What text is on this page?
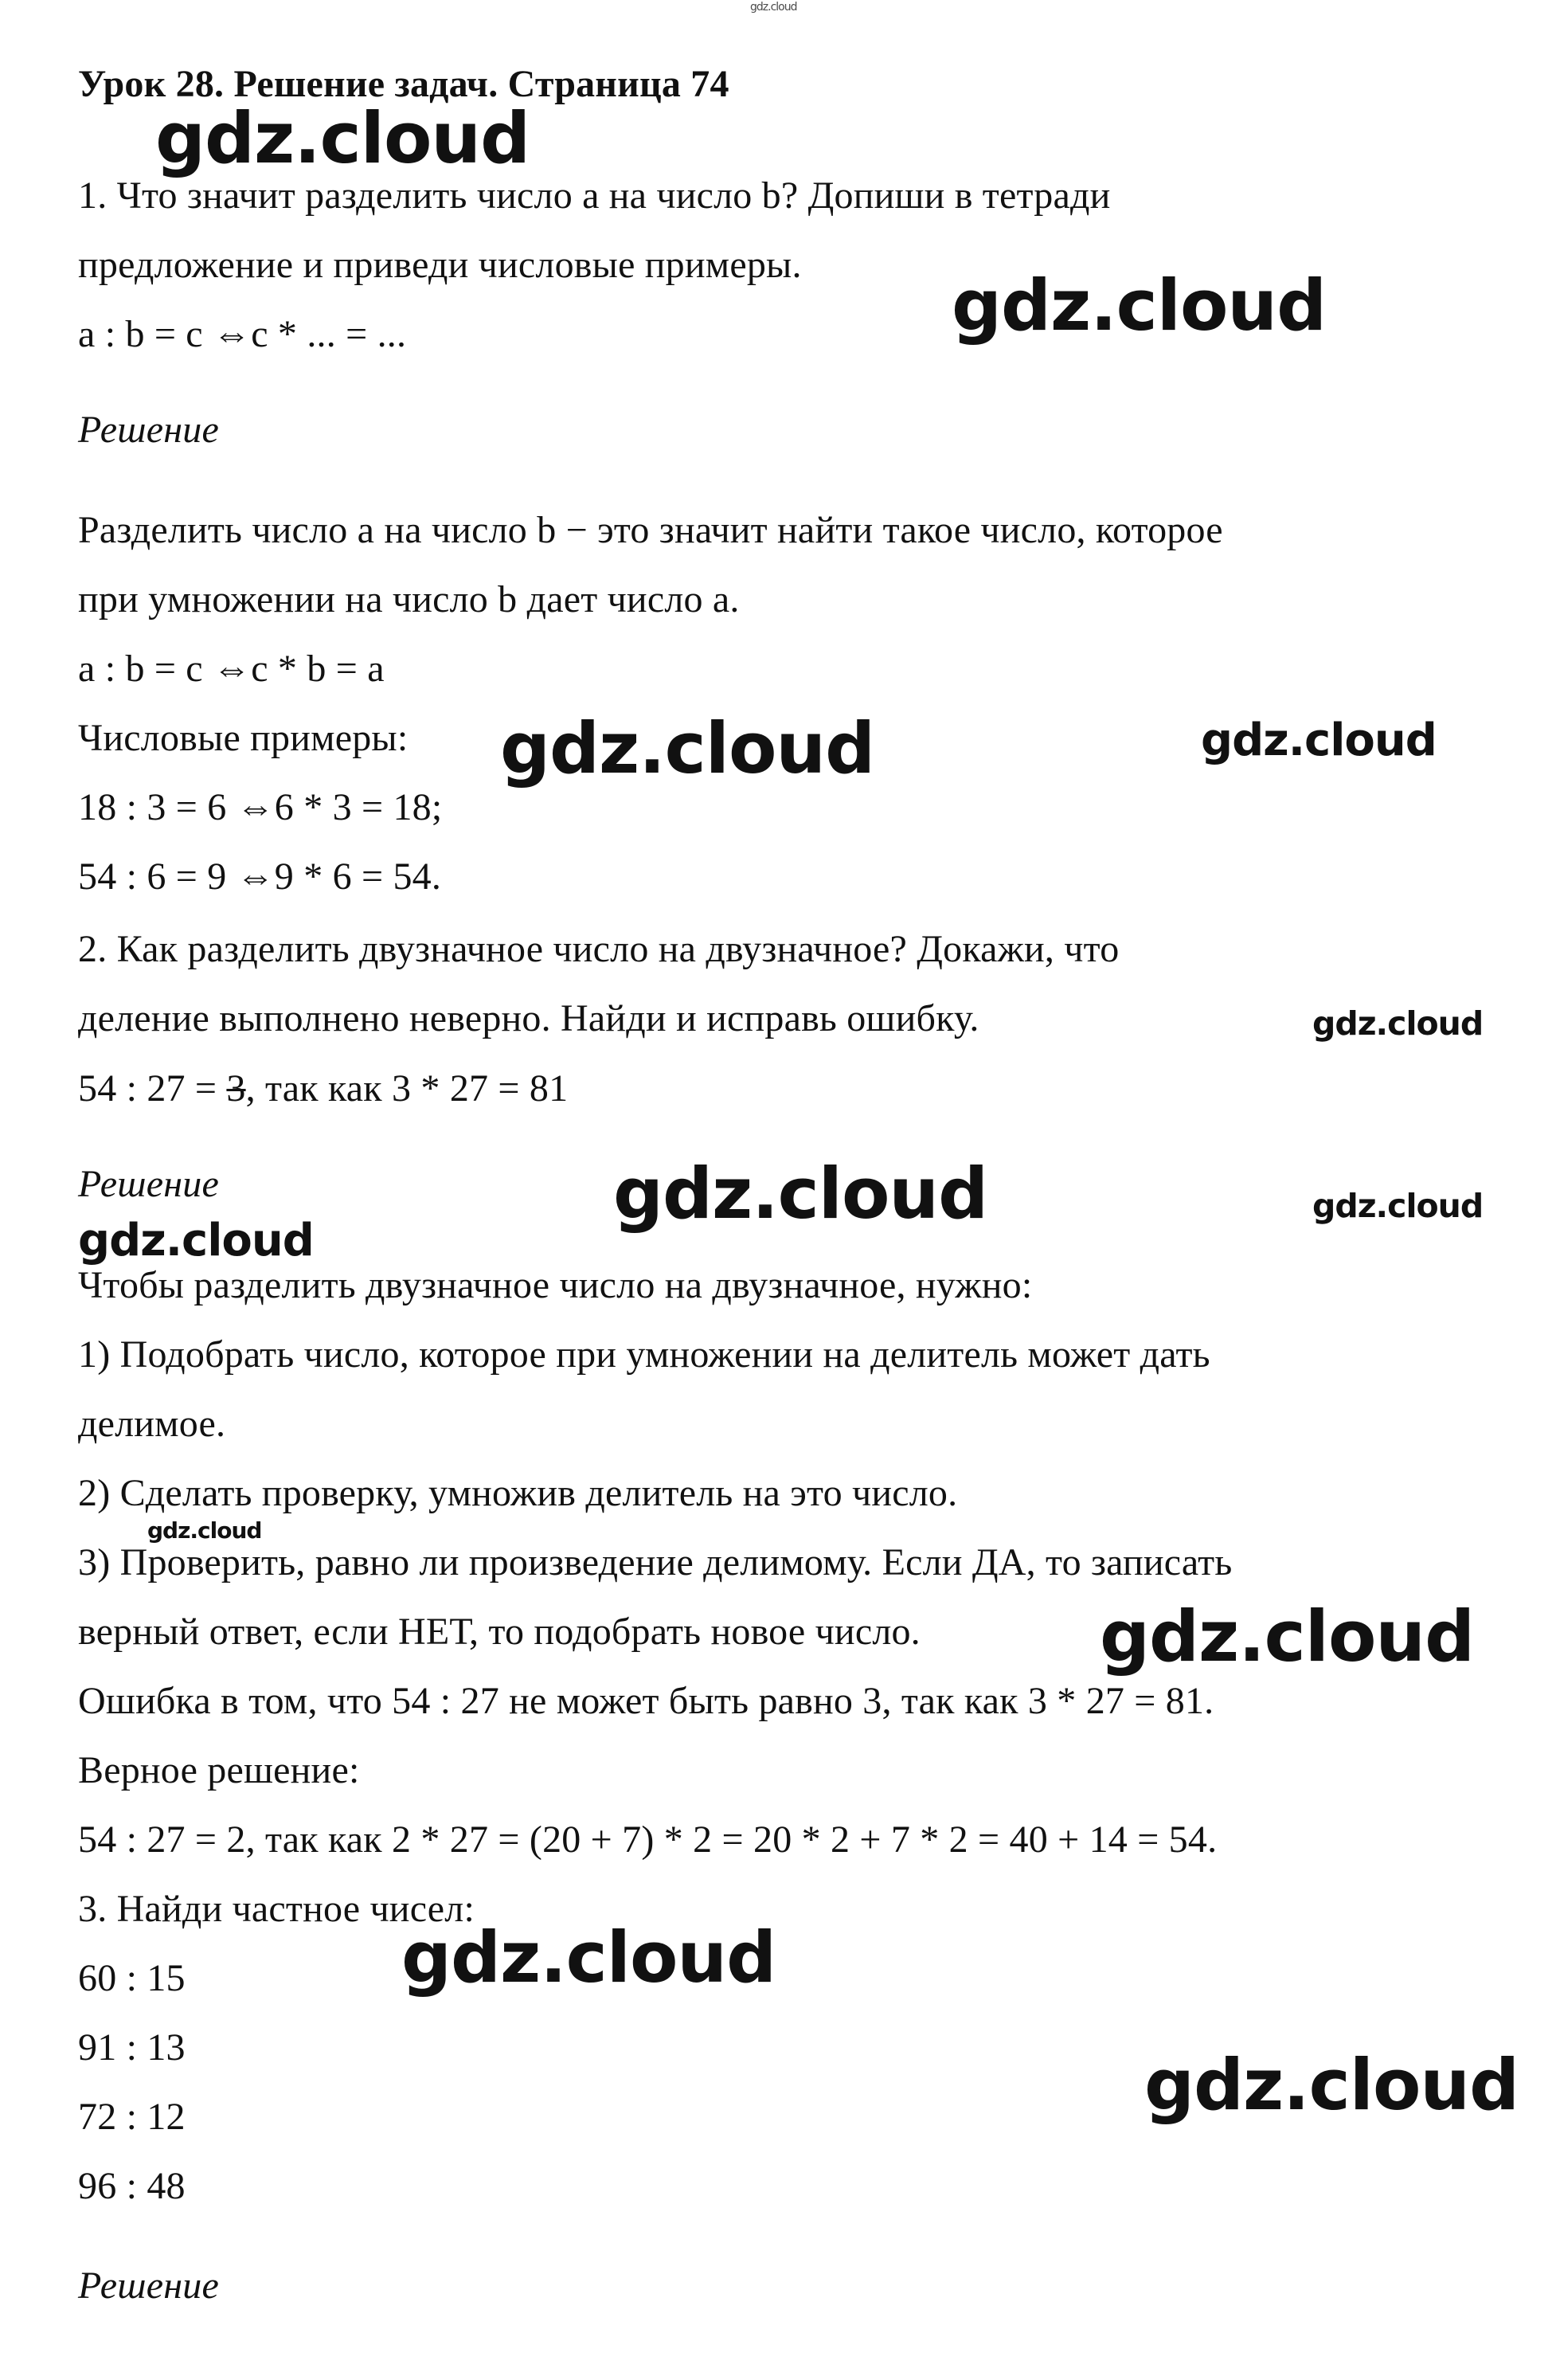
gdz.cloud
Урок 28. Решение задач. Страница 74
1. Что значит разделить число а на число b? Допиши в тетради
предложение и приведи числовые примеры.
a : b = c ⇔c * ... = ...
Решение
Разделить число а на число b − это значит найти такое число, которое
при умножении на число b дает число а.
a : b = c ⇔c * b = a
Числовые примеры:
18 : 3 = 6 ⇔6 * 3 = 18;
54 : 6 = 9 ⇔9 * 6 = 54.
2. Как разделить двузначное число на двузначное? Докажи, что
деление выполнено неверно. Найди и исправь ошибку.
54 : 27 = 3, так как 3 * 27 = 81
Решение
Чтобы разделить двузначное число на двузначное, нужно:
1) Подобрать число, которое при умножении на делитель может дать
делимое.
2) Сделать проверку, умножив делитель на это число.
3) Проверить, равно ли произведение делимому. Если ДА, то записать
верный ответ, если НЕТ, то подобрать новое число.
Ошибка в том, что 54 : 27 не может быть равно 3, так как 3 * 27 = 81.
Верное решение:
54 : 27 = 2, так как 2 * 27 = (20 + 7) * 2 = 20 * 2 + 7 * 2 = 40 + 14 = 54.
3. Найди частное чисел:
60 : 15
91 : 13
72 : 12
96 : 48
Решение
gdz.cloud
gdz.cloud
gdz.cloud	gdz.cloud
gdz.cloud
gdz.cloud
gdz.cloud
gdz.cloud
gdz.cloud
gdz.cloud
gdz.cloud
gdz.cloud
